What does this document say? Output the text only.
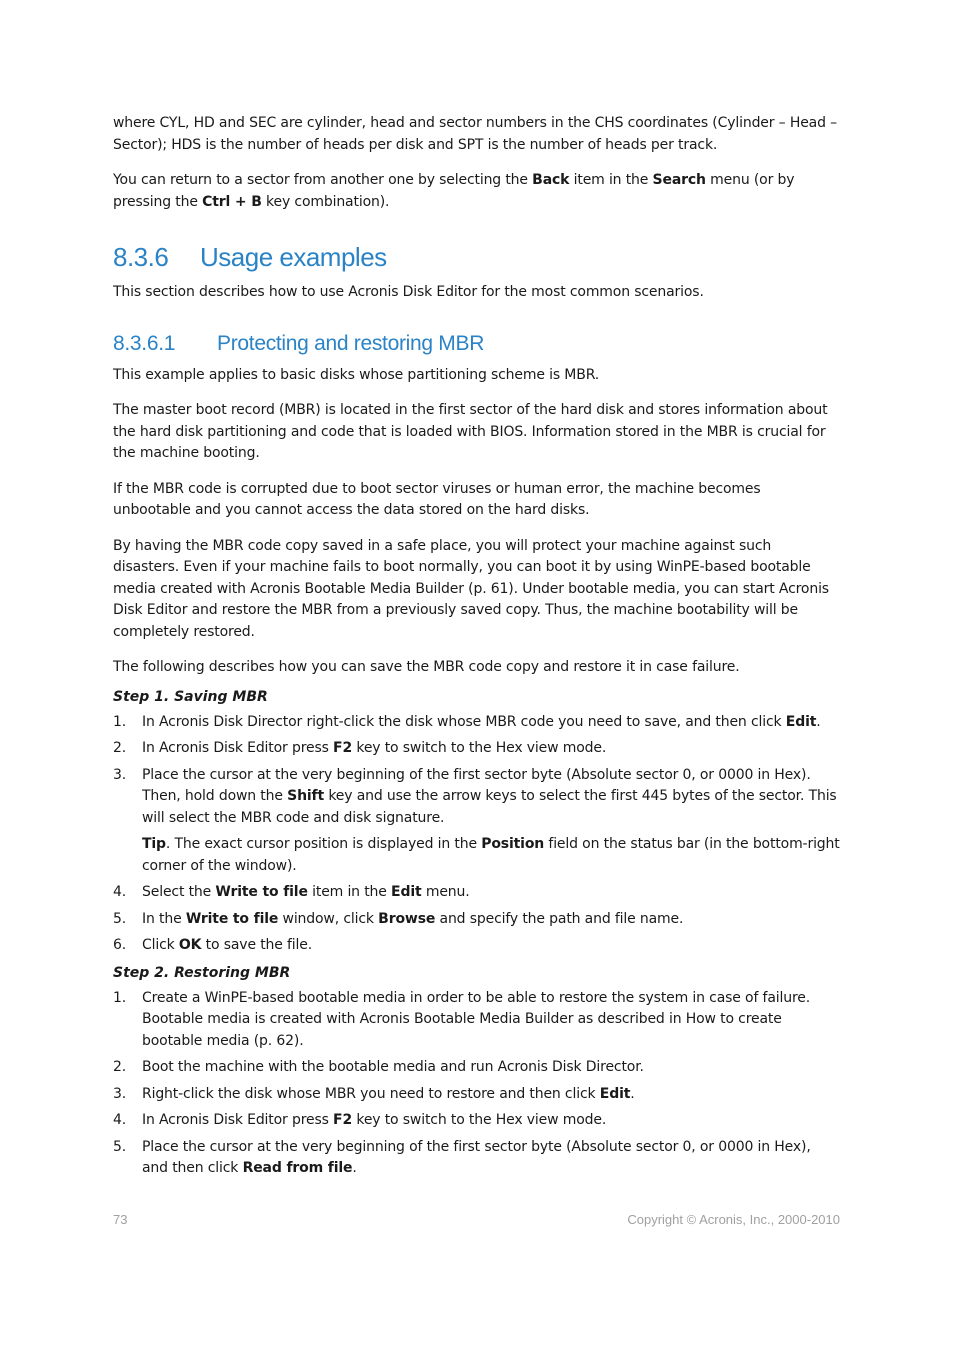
where CYL, HD and SEC are cylinder, head and sector numbers in the CHS coordinates (Cylinder – Head – Sector); HDS is the number of heads per disk and SPT is the number of heads per track.

You can return to a sector from another one by selecting the Back item in the Search menu (or by pressing the Ctrl + B key combination).

8.3.6 Usage examples

This section describes how to use Acronis Disk Editor for the most common scenarios.

8.3.6.1 Protecting and restoring MBR

This example applies to basic disks whose partitioning scheme is MBR.

The master boot record (MBR) is located in the first sector of the hard disk and stores information about the hard disk partitioning and code that is loaded with BIOS. Information stored in the MBR is crucial for the machine booting.

If the MBR code is corrupted due to boot sector viruses or human error, the machine becomes unbootable and you cannot access the data stored on the hard disks.

By having the MBR code copy saved in a safe place, you will protect your machine against such disasters. Even if your machine fails to boot normally, you can boot it by using WinPE-based bootable media created with Acronis Bootable Media Builder (p. 61). Under bootable media, you can start Acronis Disk Editor and restore the MBR from a previously saved copy. Thus, the machine bootability will be completely restored.

The following describes how you can save the MBR code copy and restore it in case failure.

Step 1. Saving MBR
1. In Acronis Disk Director right-click the disk whose MBR code you need to save, and then click Edit.
2. In Acronis Disk Editor press F2 key to switch to the Hex view mode.
3. Place the cursor at the very beginning of the first sector byte (Absolute sector 0, or 0000 in Hex). Then, hold down the Shift key and use the arrow keys to select the first 445 bytes of the sector. This will select the MBR code and disk signature.
Tip. The exact cursor position is displayed in the Position field on the status bar (in the bottom-right corner of the window).
4. Select the Write to file item in the Edit menu.
5. In the Write to file window, click Browse and specify the path and file name.
6. Click OK to save the file.
Step 2. Restoring MBR
1. Create a WinPE-based bootable media in order to be able to restore the system in case of failure. Bootable media is created with Acronis Bootable Media Builder as described in How to create bootable media (p. 62).
2. Boot the machine with the bootable media and run Acronis Disk Director.
3. Right-click the disk whose MBR you need to restore and then click Edit.
4. In Acronis Disk Editor press F2 key to switch to the Hex view mode.
5. Place the cursor at the very beginning of the first sector byte (Absolute sector 0, or 0000 in Hex), and then click Read from file.
73	Copyright © Acronis, Inc., 2000-2010
